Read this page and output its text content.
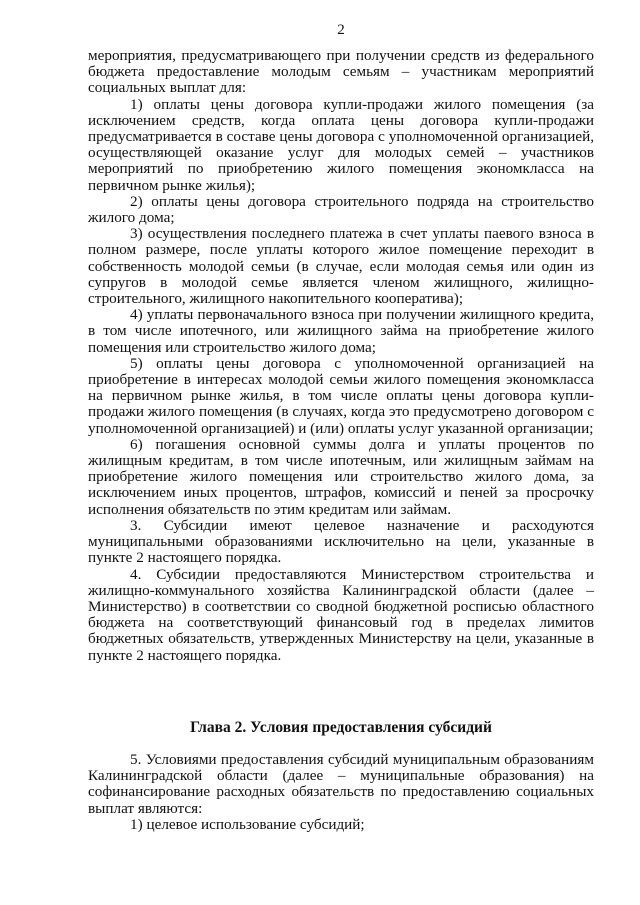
2

мероприятия, предусматривающего при получении средств из федерального бюджета предоставление молодым семьям – участникам мероприятий социальных выплат для:

1) оплаты цены договора купли-продажи жилого помещения (за исключением средств, когда оплата цены договора купли-продажи предусматривается в составе цены договора с уполномоченной организацией, осуществляющей оказание услуг для молодых семей – участников мероприятий по приобретению жилого помещения экономкласса на первичном рынке жилья);

2) оплаты цены договора строительного подряда на строительство жилого дома;

3) осуществления последнего платежа в счет уплаты паевого взноса в полном размере, после уплаты которого жилое помещение переходит в собственность молодой семьи (в случае, если молодая семья или один из супругов в молодой семье является членом жилищного, жилищно-строительного, жилищного накопительного кооператива);

4) уплаты первоначального взноса при получении жилищного кредита, в том числе ипотечного, или жилищного займа на приобретение жилого помещения или строительство жилого дома;

5) оплаты цены договора с уполномоченной организацией на приобретение в интересах молодой семьи жилого помещения экономкласса на первичном рынке жилья, в том числе оплаты цены договора купли-продажи жилого помещения (в случаях, когда это предусмотрено договором с уполномоченной организацией) и (или) оплаты услуг указанной организации;

6) погашения основной суммы долга и уплаты процентов по жилищным кредитам, в том числе ипотечным, или жилищным займам на приобретение жилого помещения или строительство жилого дома, за исключением иных процентов, штрафов, комиссий и пеней за просрочку исполнения обязательств по этим кредитам или займам.

3. Субсидии имеют целевое назначение и расходуются муниципальными образованиями исключительно на цели, указанные в пункте 2 настоящего порядка.

4. Субсидии предоставляются Министерством строительства и жилищно-коммунального хозяйства Калининградской области (далее – Министерство) в соответствии со сводной бюджетной росписью областного бюджета на соответствующий финансовый год в пределах лимитов бюджетных обязательств, утвержденных Министерству на цели, указанные в пункте 2 настоящего порядка.

Глава 2. Условия предоставления субсидий

5. Условиями предоставления субсидий муниципальным образованиям Калининградской области (далее – муниципальные образования) на софинансирование расходных обязательств по предоставлению социальных выплат являются:

1) целевое использование субсидий;
